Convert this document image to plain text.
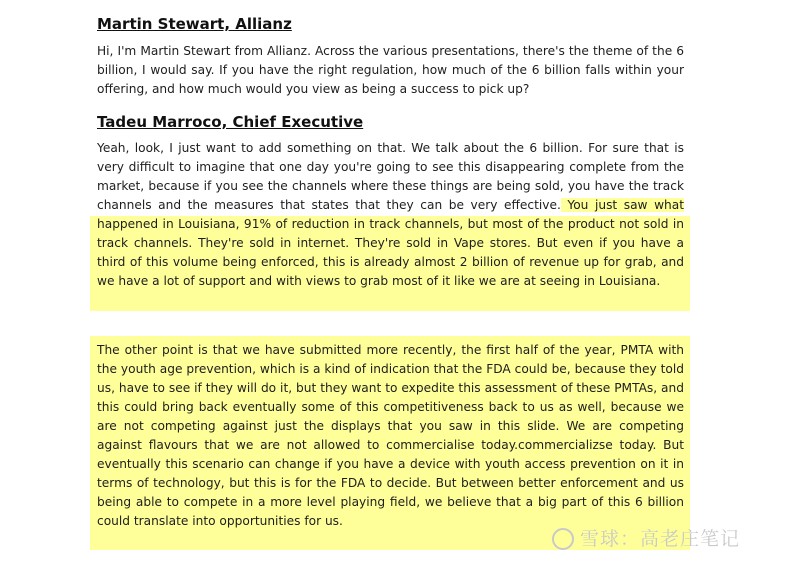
Martin Stewart, Allianz

Hi, I'm Martin Stewart from Allianz. Across the various presentations, there's the theme of the 6 billion, I would say. If you have the right regulation, how much of the 6 billion falls within your offering, and how much would you view as being a success to pick up?

Tadeu Marroco, Chief Executive

Yeah, look, I just want to add something on that. We talk about the 6 billion. For sure that is very difficult to imagine that one day you're going to see this disappearing complete from the market, because if you see the channels where these things are being sold, you have the track channels and the measures that states that they can be very effective. You just saw what happened in Louisiana, 91% of reduction in track channels, but most of the product not sold in track channels. They're sold in internet. They're sold in Vape stores. But even if you have a third of this volume being enforced, this is already almost 2 billion of revenue up for grab, and we have a lot of support and with views to grab most of it like we are at seeing in Louisiana.

The other point is that we have submitted more recently, the first half of the year, PMTA with the youth age prevention, which is a kind of indication that the FDA could be, because they told us, have to see if they will do it, but they want to expedite this assessment of these PMTAs, and this could bring back eventually some of this competitiveness back to us as well, because we are not competing against just the displays that you saw in this slide. We are competing against flavours that we are not allowed to commercialise today.commercializse today. But eventually this scenario can change if you have a device with youth access prevention on it in terms of technology, but this is for the FDA to decide. But between better enforcement and us being able to compete in a more level playing field, we believe that a big part of this 6 billion could translate into opportunities for us.

雪球：高老庄笔记
